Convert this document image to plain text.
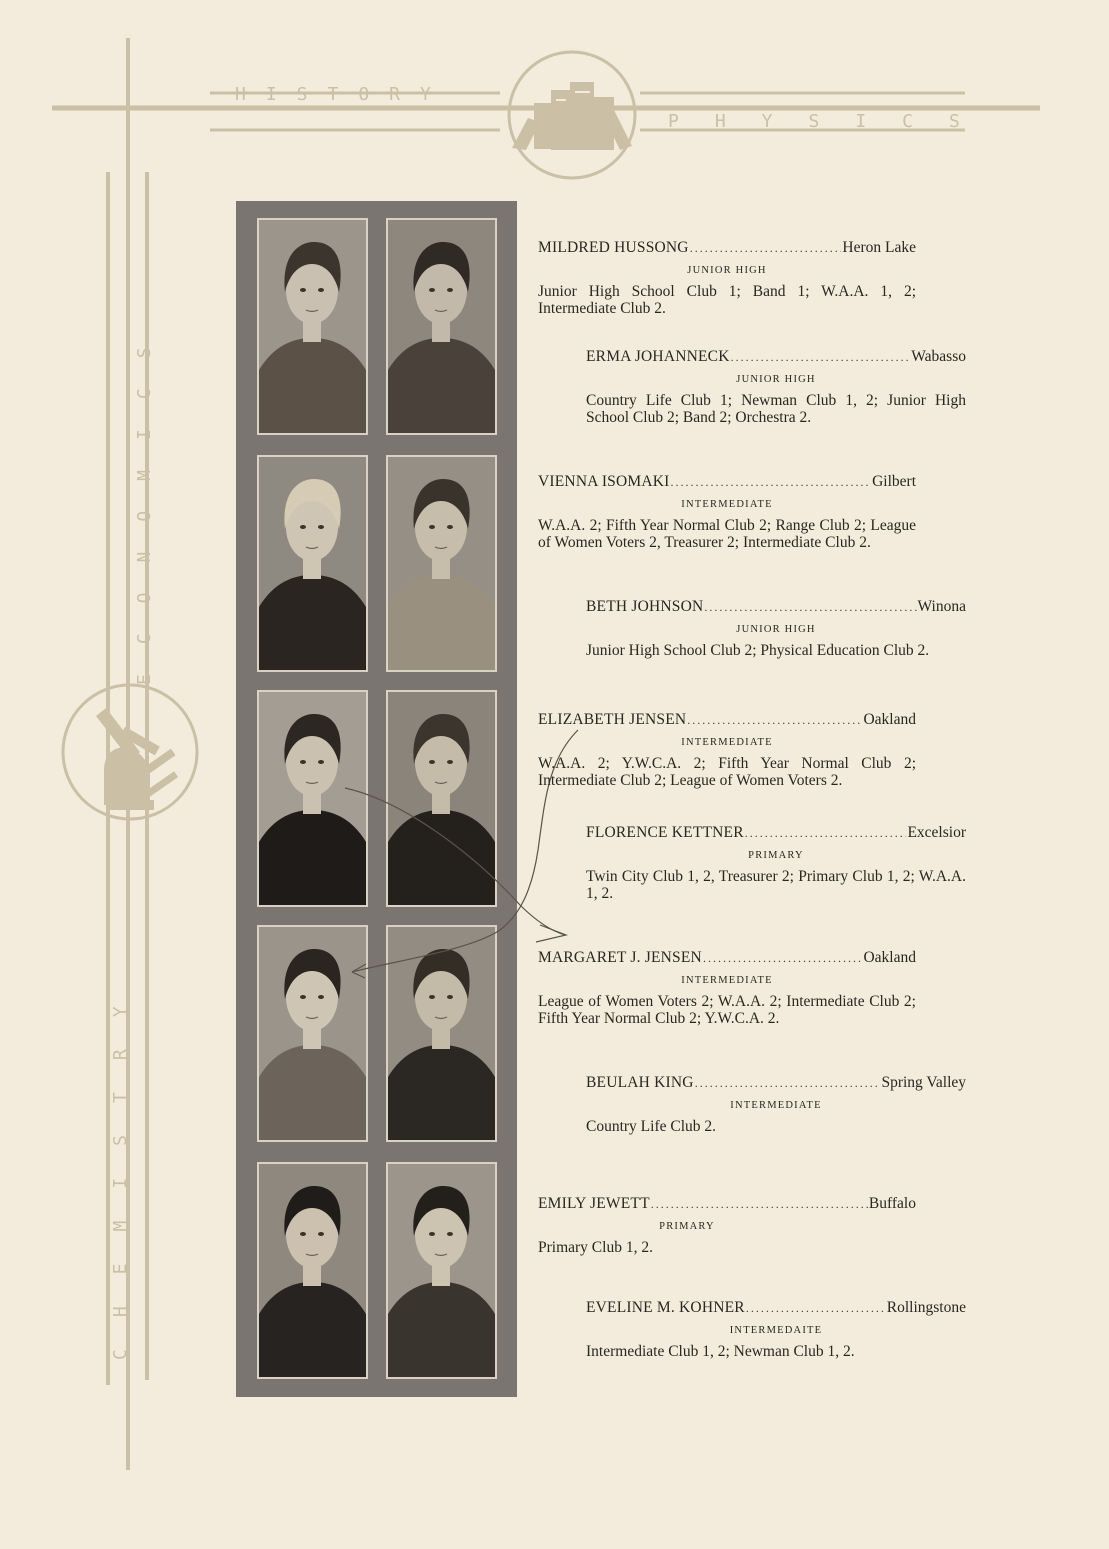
HISTORY
PHYSICS
ECONOMICS
CHEMISTRY
MILDRED HUSSONG .....	Heron Lake
JUNIOR HIGH
Junior High School Club 1; Band 1; W.A.A. 1, 2; Intermediate Club 2.
ERMA JOHANNECK .....	Wabasso
JUNIOR HIGH
Country Life Club 1; Newman Club 1, 2; Junior High School Club 2; Band 2; Orchestra 2.
VIENNA ISOMAKI .....	Gilbert
INTERMEDIATE
W.A.A. 2; Fifth Year Normal Club 2; Range Club 2; League of Women Voters 2, Treasurer 2; Intermediate Club 2.
BETH JOHNSON .....	Winona
JUNIOR HIGH
Junior High School Club 2; Physical Education Club 2.
ELIZABETH JENSEN .....	Oakland
INTERMEDIATE
W.A.A. 2; Y.W.C.A. 2; Fifth Year Normal Club 2; Intermediate Club 2; League of Women Voters 2.
FLORENCE KETTNER .....	Excelsior
PRIMARY
Twin City Club 1, 2, Treasurer 2; Primary Club 1, 2; W.A.A. 1, 2.
MARGARET J. JENSEN .....	Oakland
INTERMEDIATE
League of Women Voters 2; W.A.A. 2; Intermediate Club 2; Fifth Year Normal Club 2; Y.W.C.A. 2.
BEULAH KING .....	Spring Valley
INTERMEDIATE
Country Life Club 2.
EMILY JEWETT .....	Buffalo
PRIMARY
Primary Club 1, 2.
EVELINE M. KOHNER .....	Rollingstone
INTERMEDAITE
Intermediate Club 1, 2; Newman Club 1, 2.
